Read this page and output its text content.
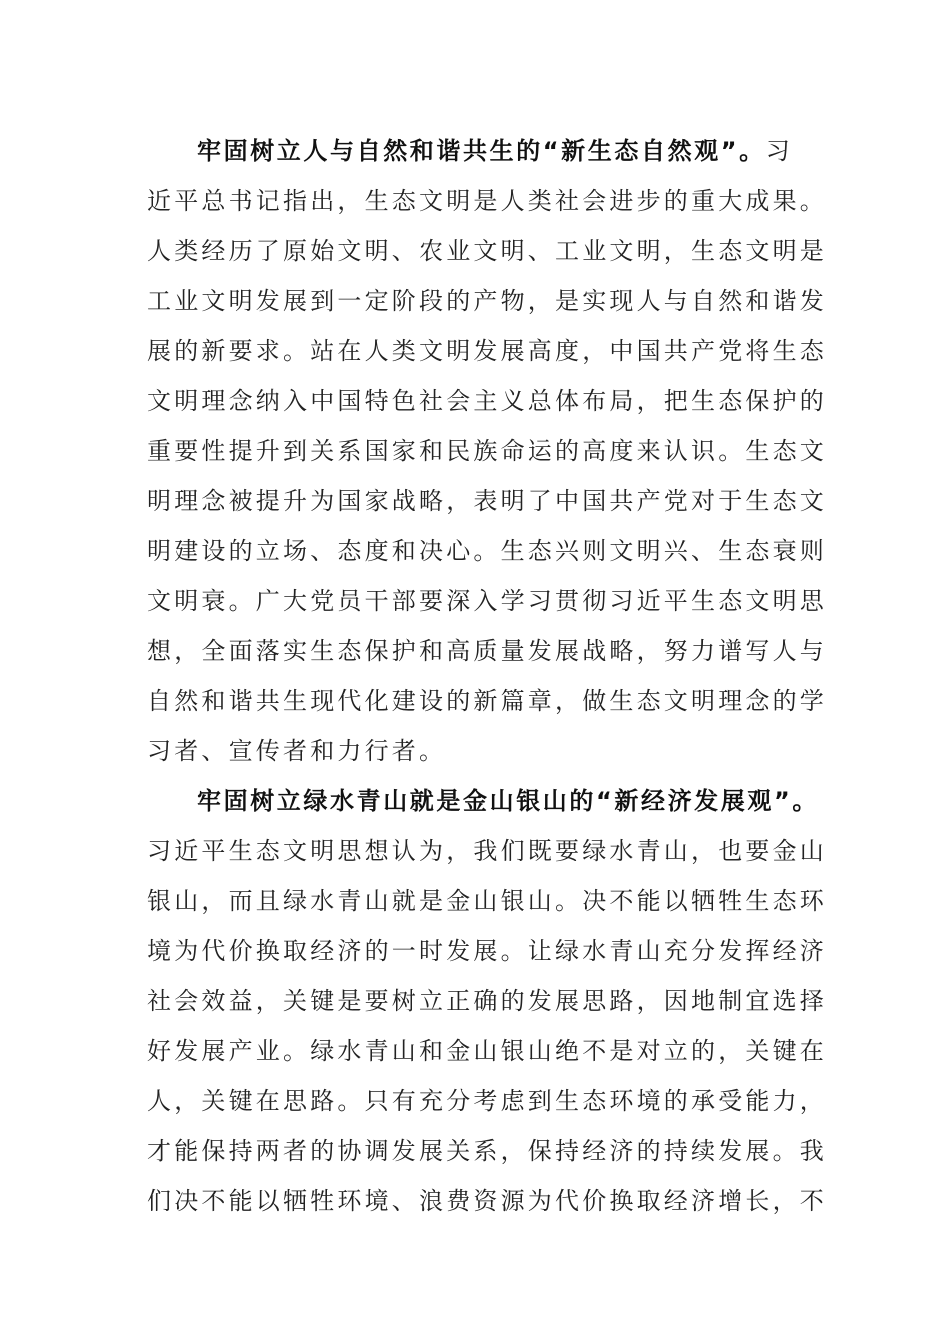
牢固树立人与自然和谐共生的“新生态自然观”。习
近平总书记指出，生态文明是人类社会进步的重大成果。
人类经历了原始文明、农业文明、工业文明，生态文明是
工业文明发展到一定阶段的产物，是实现人与自然和谐发
展的新要求。站在人类文明发展高度，中国共产党将生态
文明理念纳入中国特色社会主义总体布局，把生态保护的
重要性提升到关系国家和民族命运的高度来认识。生态文
明理念被提升为国家战略，表明了中国共产党对于生态文
明建设的立场、态度和决心。生态兴则文明兴、生态衰则
文明衰。广大党员干部要深入学习贯彻习近平生态文明思
想，全面落实生态保护和高质量发展战略，努力谱写人与
自然和谐共生现代化建设的新篇章，做生态文明理念的学
习者、宣传者和力行者。
牢固树立绿水青山就是金山银山的“新经济发展观”。
习近平生态文明思想认为，我们既要绿水青山，也要金山
银山，而且绿水青山就是金山银山。决不能以牺牲生态环
境为代价换取经济的一时发展。让绿水青山充分发挥经济
社会效益，关键是要树立正确的发展思路，因地制宜选择
好发展产业。绿水青山和金山银山绝不是对立的，关键在
人，关键在思路。只有充分考虑到生态环境的承受能力，
才能保持两者的协调发展关系，保持经济的持续发展。我
们决不能以牺牲环境、浪费资源为代价换取经济增长，不
